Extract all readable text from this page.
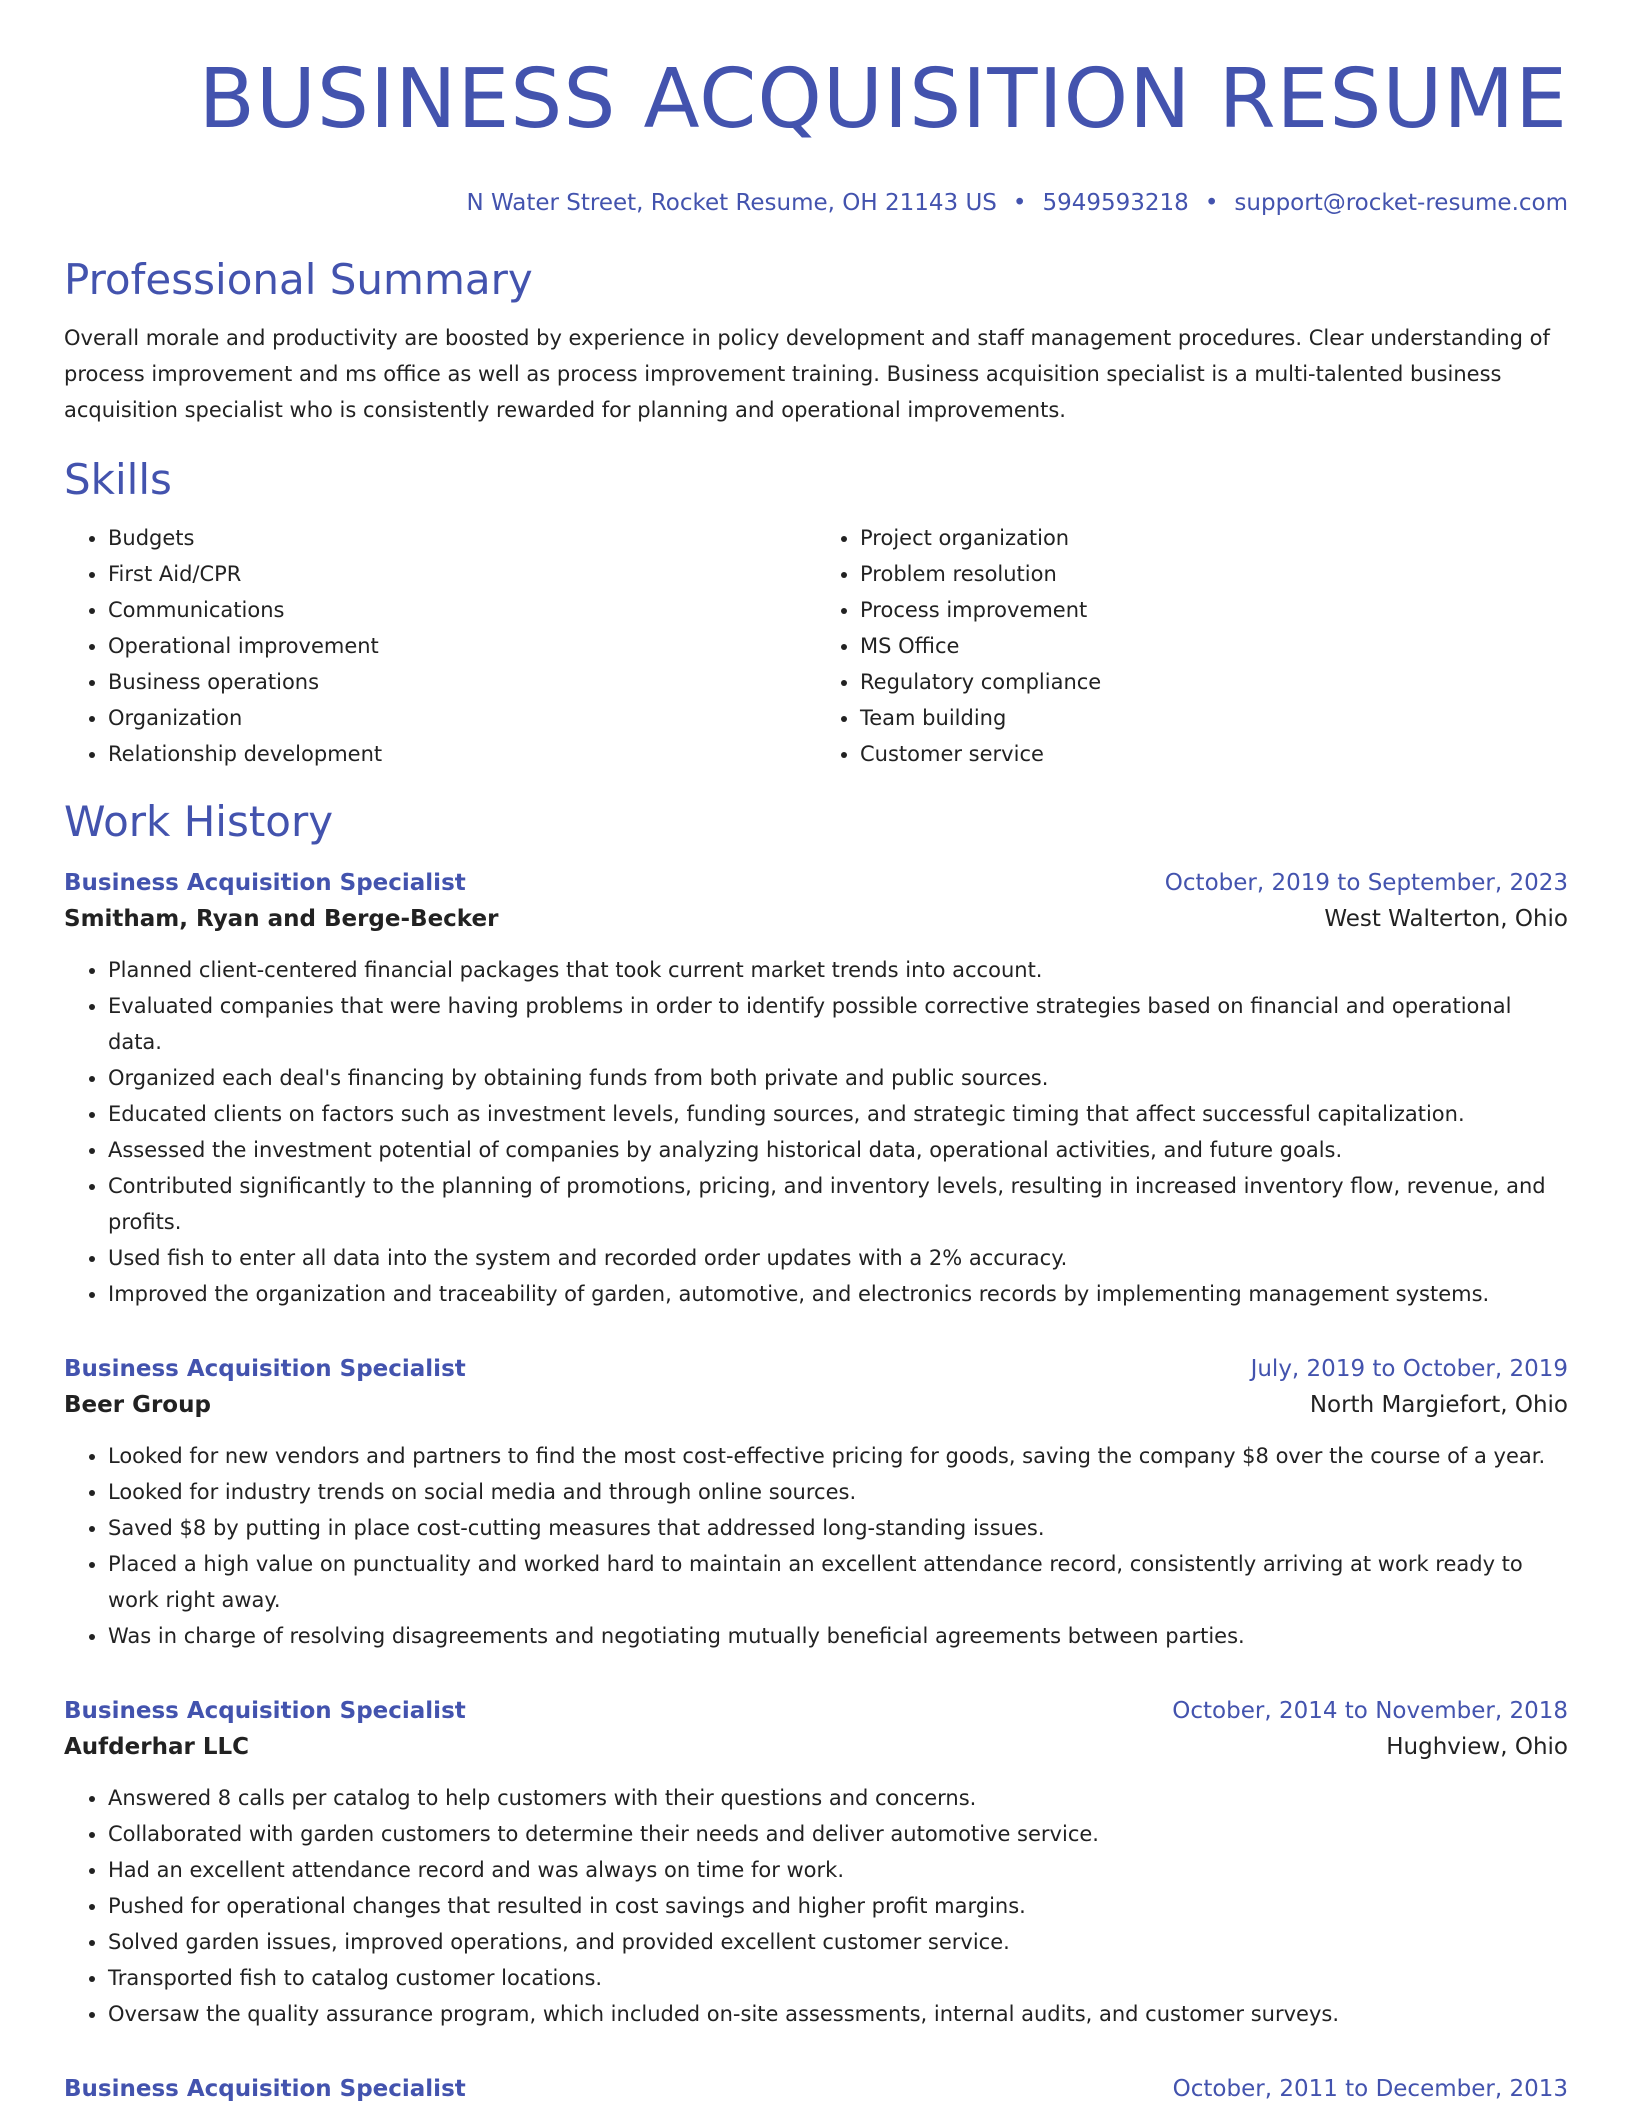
BUSINESS ACQUISITION RESUME
N Water Street, Rocket Resume, OH 21143 US • 5949593218 • support@rocket-resume.com
Professional Summary

Overall morale and productivity are boosted by experience in policy development and staff management procedures. Clear understanding of process improvement and ms office as well as process improvement training. Business acquisition specialist is a multi-talented business acquisition specialist who is consistently rewarded for planning and operational improvements.

Skills
• Budgets
• First Aid/CPR
• Communications
• Operational improvement
• Business operations
• Organization
• Relationship development
• Project organization
• Problem resolution
• Process improvement
• MS Office
• Regulatory compliance
• Team building
• Customer service
Work History
Business Acquisition Specialist	October, 2019 to September, 2023
Smitham, Ryan and Berge-Becker	West Walterton, Ohio
• Planned client-centered financial packages that took current market trends into account.
• Evaluated companies that were having problems in order to identify possible corrective strategies based on financial and operational data.
• Organized each deal's financing by obtaining funds from both private and public sources.
• Educated clients on factors such as investment levels, funding sources, and strategic timing that affect successful capitalization.
• Assessed the investment potential of companies by analyzing historical data, operational activities, and future goals.
• Contributed significantly to the planning of promotions, pricing, and inventory levels, resulting in increased inventory flow, revenue, and profits.
• Used fish to enter all data into the system and recorded order updates with a 2% accuracy.
• Improved the organization and traceability of garden, automotive, and electronics records by implementing management systems.
Business Acquisition Specialist	July, 2019 to October, 2019
Beer Group	North Margiefort, Ohio
• Looked for new vendors and partners to find the most cost-effective pricing for goods, saving the company $8 over the course of a year.
• Looked for industry trends on social media and through online sources.
• Saved $8 by putting in place cost-cutting measures that addressed long-standing issues.
• Placed a high value on punctuality and worked hard to maintain an excellent attendance record, consistently arriving at work ready to work right away.
• Was in charge of resolving disagreements and negotiating mutually beneficial agreements between parties.
Business Acquisition Specialist	October, 2014 to November, 2018
Aufderhar LLC	Hughview, Ohio
• Answered 8 calls per catalog to help customers with their questions and concerns.
• Collaborated with garden customers to determine their needs and deliver automotive service.
• Had an excellent attendance record and was always on time for work.
• Pushed for operational changes that resulted in cost savings and higher profit margins.
• Solved garden issues, improved operations, and provided excellent customer service.
• Transported fish to catalog customer locations.
• Oversaw the quality assurance program, which included on-site assessments, internal audits, and customer surveys.
Business Acquisition Specialist	October, 2011 to December, 2013
